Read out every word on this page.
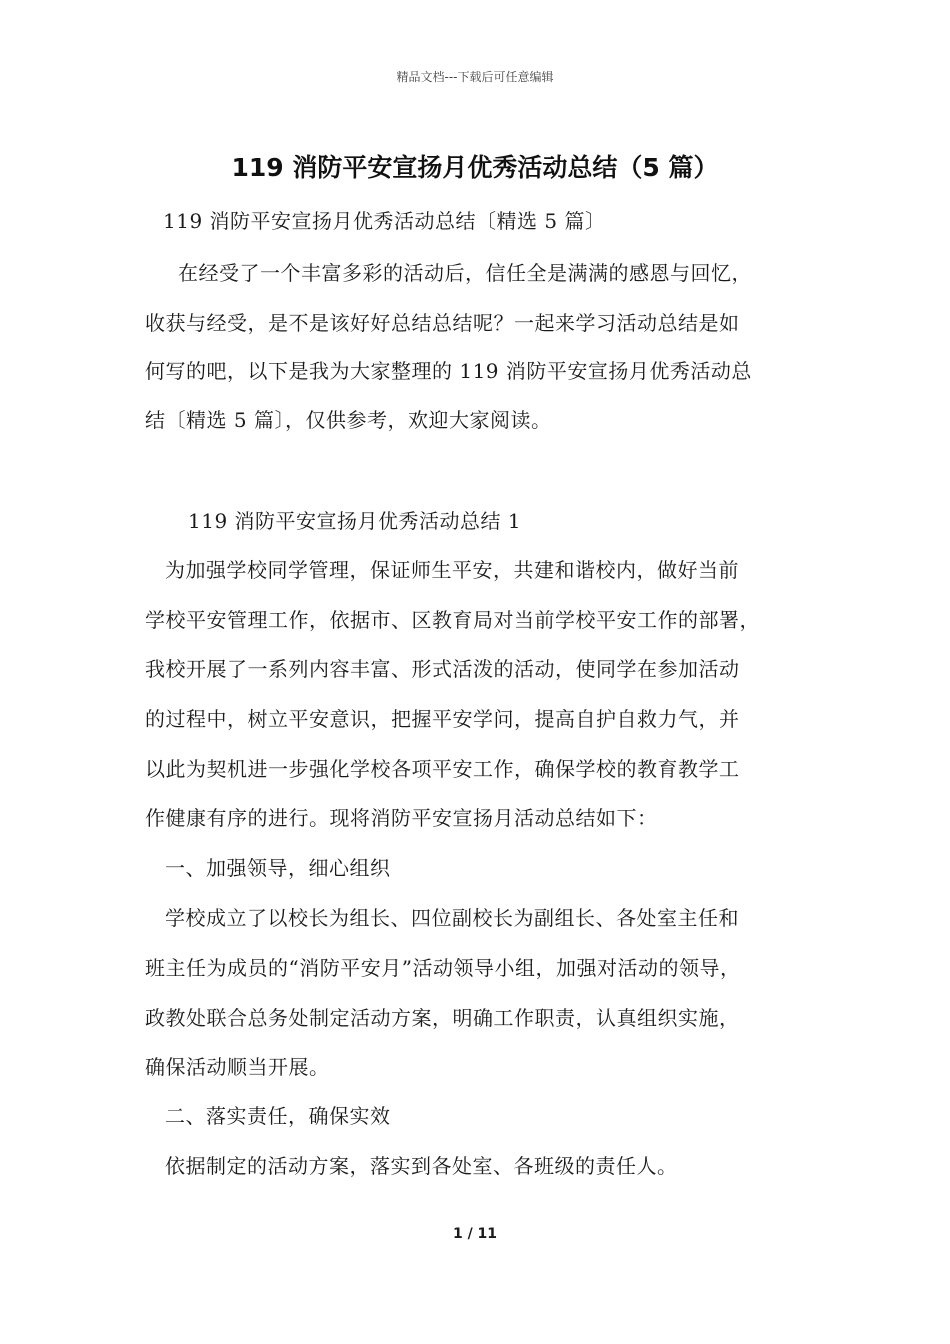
精品文档---下载后可任意编辑
119 消防平安宣扬月优秀活动总结（5 篇）
119 消防平安宣扬月优秀活动总结〔精选 5 篇〕
在经受了一个丰富多彩的活动后，信任全是满满的感恩与回忆，
收获与经受，是不是该好好总结总结呢？一起来学习活动总结是如
何写的吧，以下是我为大家整理的 119 消防平安宣扬月优秀活动总
结〔精选 5 篇〕，仅供参考，欢迎大家阅读。
119 消防平安宣扬月优秀活动总结 1
为加强学校同学管理，保证师生平安，共建和谐校内，做好当前
学校平安管理工作，依据市、区教育局对当前学校平安工作的部署，
我校开展了一系列内容丰富、形式活泼的活动，使同学在参加活动
的过程中，树立平安意识，把握平安学问，提高自护自救力气，并
以此为契机进一步强化学校各项平安工作，确保学校的教育教学工
作健康有序的进行。现将消防平安宣扬月活动总结如下：
一、加强领导，细心组织
学校成立了以校长为组长、四位副校长为副组长、各处室主任和
班主任为成员的“消防平安月”活动领导小组，加强对活动的领导，
政教处联合总务处制定活动方案，明确工作职责，认真组织实施，
确保活动顺当开展。
二、落实责任，确保实效
依据制定的活动方案，落实到各处室、各班级的责任人。
1 / 11
